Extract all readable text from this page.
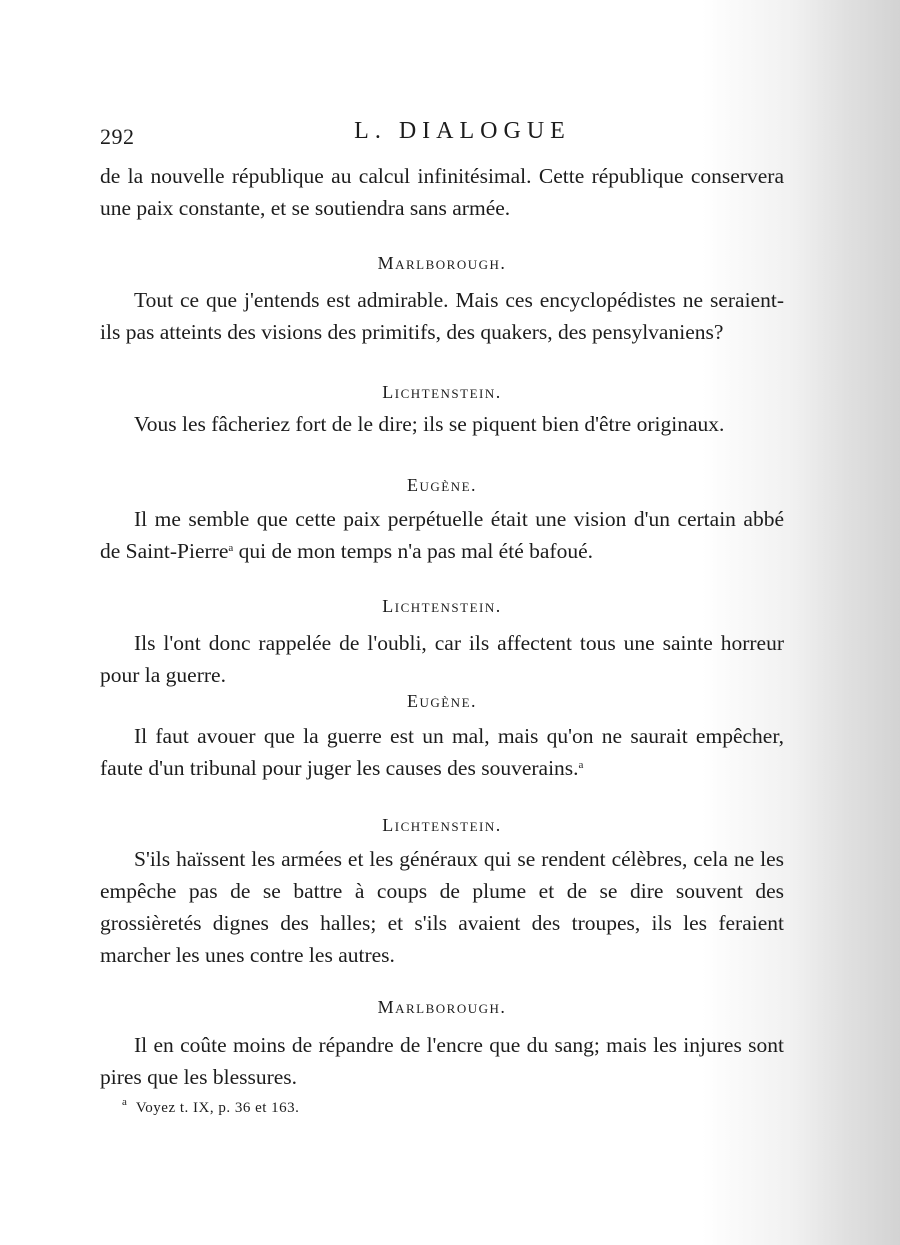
292	L. DIALOGUE

de la nouvelle république au calcul infinitésimal. Cette république conservera une paix constante, et se soutiendra sans armée.

Marlborough.

Tout ce que j'entends est admirable. Mais ces encyclopédistes ne seraient-ils pas atteints des visions des primitifs, des quakers, des pensylvaniens?

Lichtenstein.

Vous les fâcheriez fort de le dire; ils se piquent bien d'être originaux.

Eugène.

Il me semble que cette paix perpétuelle était une vision d'un certain abbé de Saint-Pierre$^a$ qui de mon temps n'a pas mal été bafoué.

Lichtenstein.

Ils l'ont donc rappelée de l'oubli, car ils affectent tous une sainte horreur pour la guerre.

Eugène.

Il faut avouer que la guerre est un mal, mais qu'on ne saurait empêcher, faute d'un tribunal pour juger les causes des souverains.$^a$

Lichtenstein.

S'ils haïssent les armées et les généraux qui se rendent célèbres, cela ne les empêche pas de se battre à coups de plume et de se dire souvent des grossièretés dignes des halles; et s'ils avaient des troupes, ils les feraient marcher les unes contre les autres.

Marlborough.

Il en coûte moins de répandre de l'encre que du sang; mais les injures sont pires que les blessures.

$^a$ Voyez t. IX, p. 36 et 163.
